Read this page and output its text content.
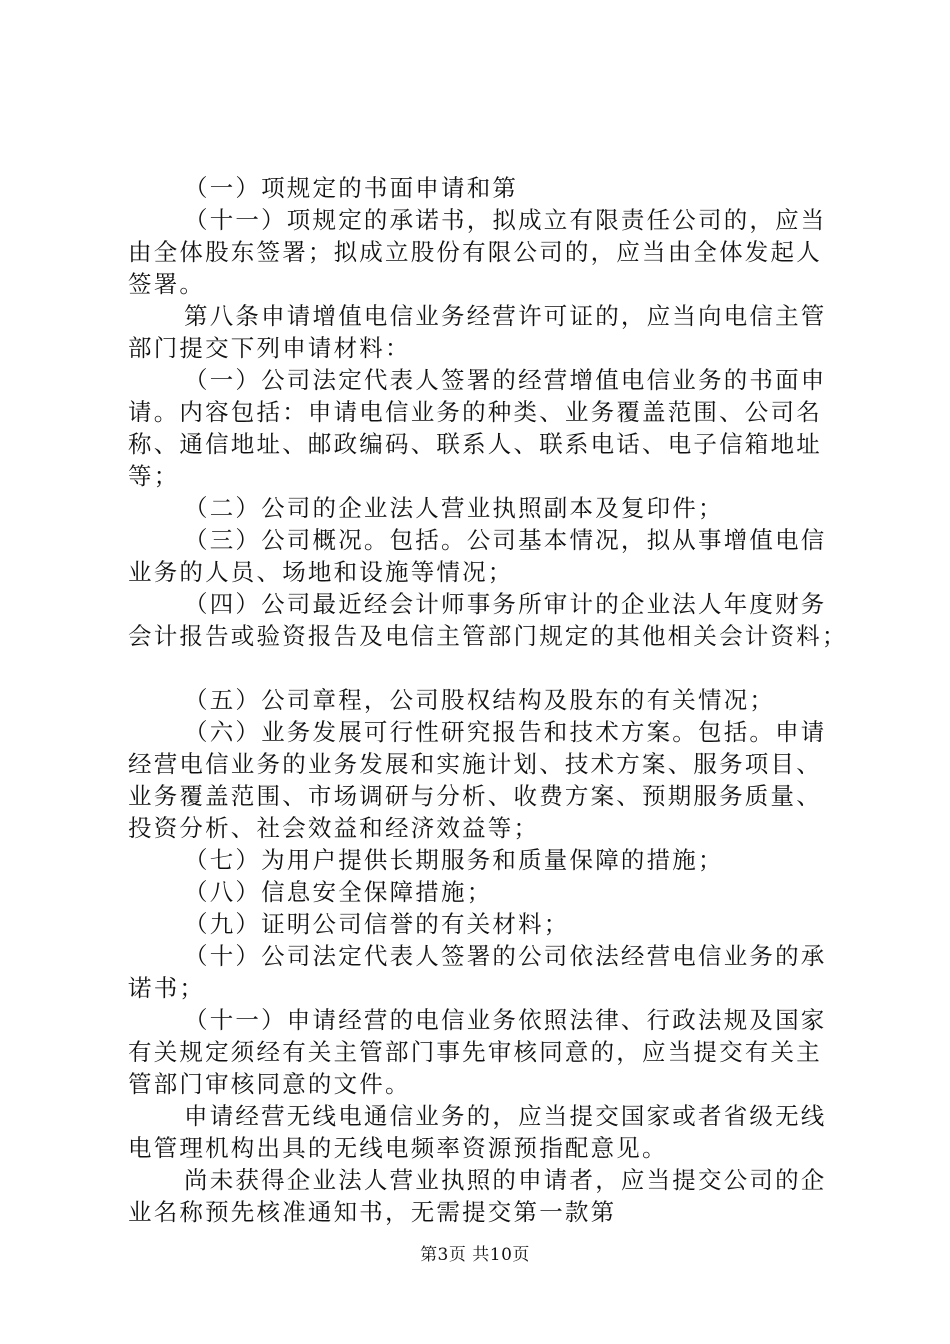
（一）项规定的书面申请和第
（十一）项规定的承诺书，拟成立有限责任公司的，应当
由全体股东签署；拟成立股份有限公司的，应当由全体发起人
签署。
第八条申请增值电信业务经营许可证的，应当向电信主管
部门提交下列申请材料：
（一）公司法定代表人签署的经营增值电信业务的书面申
请。内容包括：申请电信业务的种类、业务覆盖范围、公司名
称、通信地址、邮政编码、联系人、联系电话、电子信箱地址
等；
（二）公司的企业法人营业执照副本及复印件；
（三）公司概况。包括。公司基本情况，拟从事增值电信
业务的人员、场地和设施等情况；
（四）公司最近经会计师事务所审计的企业法人年度财务
会计报告或验资报告及电信主管部门规定的其他相关会计资料；
（五）公司章程，公司股权结构及股东的有关情况；
（六）业务发展可行性研究报告和技术方案。包括。申请
经营电信业务的业务发展和实施计划、技术方案、服务项目、
业务覆盖范围、市场调研与分析、收费方案、预期服务质量、
投资分析、社会效益和经济效益等；
（七）为用户提供长期服务和质量保障的措施；
（八）信息安全保障措施；
（九）证明公司信誉的有关材料；
（十）公司法定代表人签署的公司依法经营电信业务的承
诺书；
（十一）申请经营的电信业务依照法律、行政法规及国家
有关规定须经有关主管部门事先审核同意的，应当提交有关主
管部门审核同意的文件。
申请经营无线电通信业务的，应当提交国家或者省级无线
电管理机构出具的无线电频率资源预指配意见。
尚未获得企业法人营业执照的申请者，应当提交公司的企
业名称预先核准通知书，无需提交第一款第

第3页 共10页
